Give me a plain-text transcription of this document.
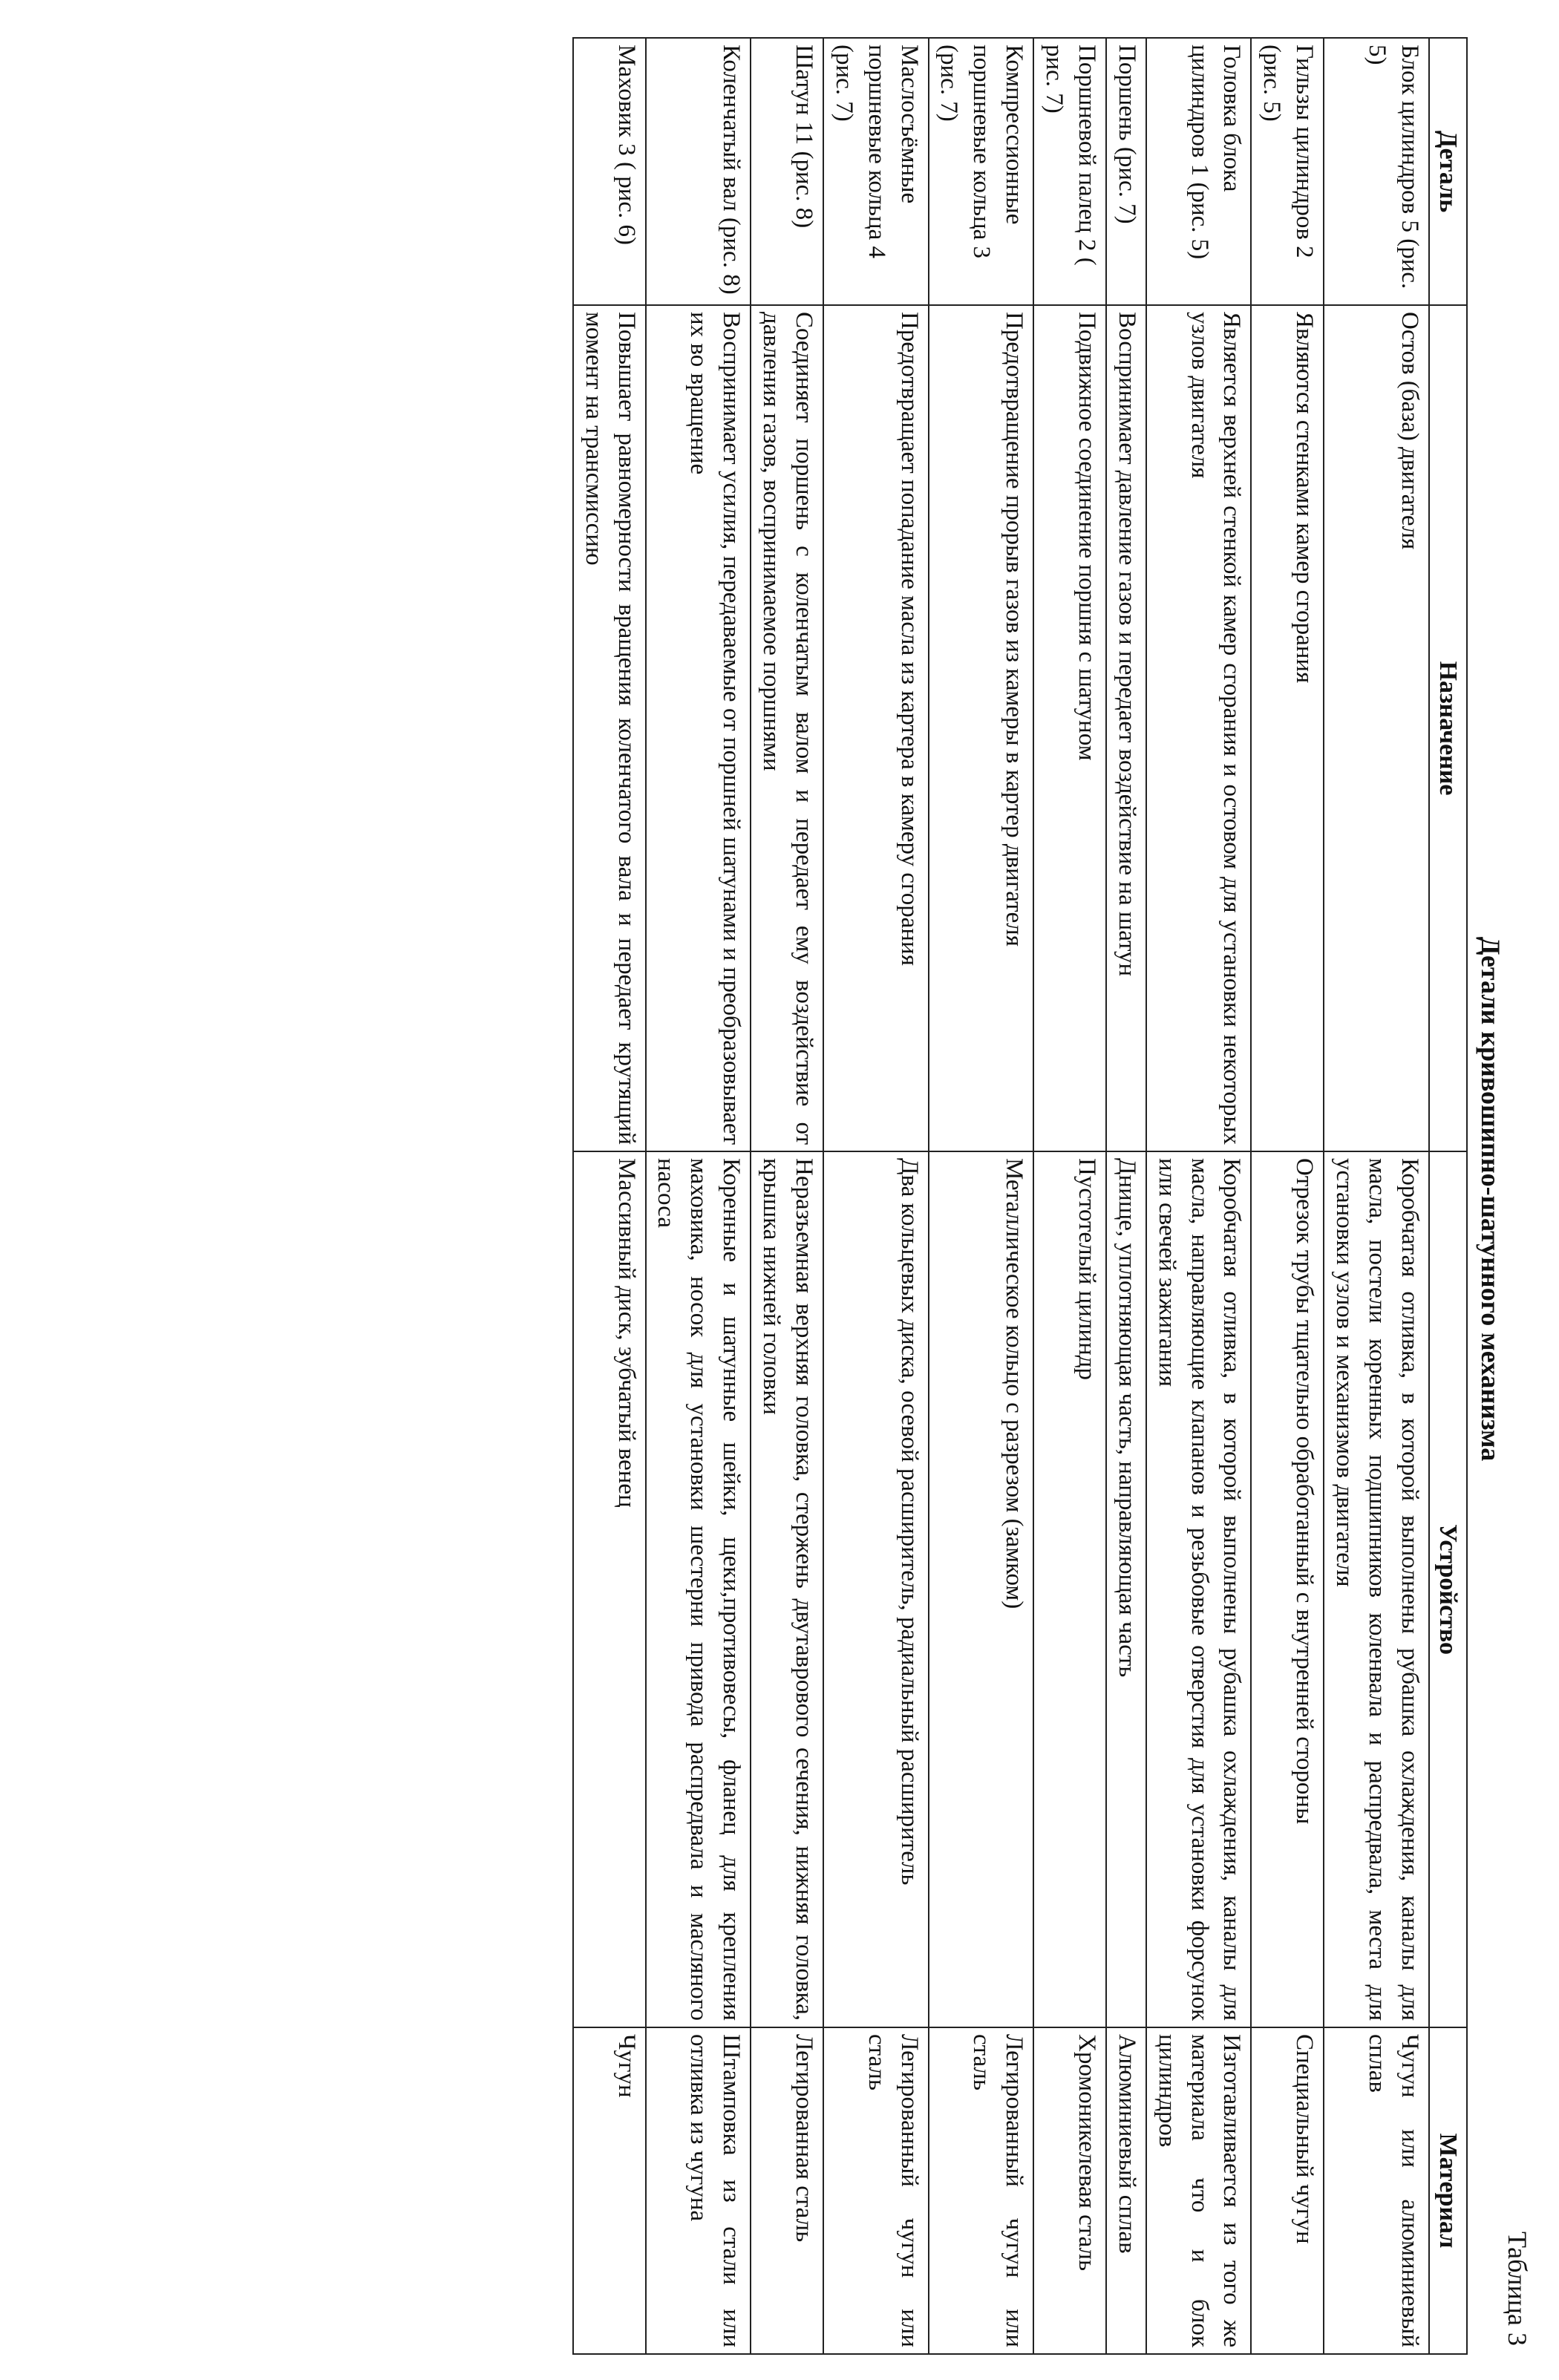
Таблица 3
Детали кривошипно-шатунного механизма
Деталь	Назначение	Устройство	Материал
Блок цилиндров 5 (рис. 5)	Остов (база) двигателя	Коробчатая отливка, в которой выполнены рубашка охлаждения, каналы для масла, постели коренных подшипников коленвала и распредвала, места для установки узлов и механизмов двигателя	Чугун или алюминиевый сплав
Гильзы цилиндров 2 (рис. 5)	Являются стенками камер сгорания	Отрезок трубы тщательно обработанный с внутренней стороны	Специальный чугун
Головка блока цилиндров 1 (рис. 5)	Является верхней стенкой камер сгорания и остовом для установки некоторых узлов двигателя	Коробчатая отливка, в которой выполнены рубашка охлаждения, каналы для масла, направляющие клапанов и резьбовые отверстия для установки форсунок или свечей зажигания	Изготавливается из того же материала что и блок цилиндров
Поршень (рис. 7)	Воспринимает давление газов и передает воздействие на шатун	Днище, уплотняющая часть, направляющая часть	Алюминиевый сплав
Поршневой палец 2 ( рис. 7)	Подвижное соединение поршня с шатуном	Пустотелый цилиндр	Хромоникелевая сталь
Компрессионные поршневые кольца 3 (рис. 7)	Предотвращение прорыв газов из камеры в картер двигателя	Металлическое кольцо с разрезом (замком)	Легированный чугун или сталь
Маслосъёмные поршневые кольца 4 (рис. 7)	Предотвращает попадание масла из картера в камеру сгорания	Два кольцевых диска, осевой расширитель, радиальный расширитель	Легированный чугун или сталь
Шатун 11 (рис. 8)	Соединяет поршень с коленчатым валом и передает ему воздействие от давления газов, воспринимаемое поршнями	Неразъемная верхняя головка, стержень двутаврового сечения, нижняя головка, крышка нижней головки	Легированная сталь
Коленчатый вал (рис. 8)	Воспринимает усилия, передаваемые от поршней шатунами и преобразовывает их во вращение	Коренные и шатунные шейки, щеки,противовесы, фланец для крепления маховика, носок для установки шестерни привода распредвала и масляного насоса	Штамповка из стали или отливка из чугуна
Маховик 3 ( рис. 6)	Повышает равномерности вращения коленчатого вала и передает крутящий момент на трансмиссию	Массивный диск, зубчатый венец	Чугун
